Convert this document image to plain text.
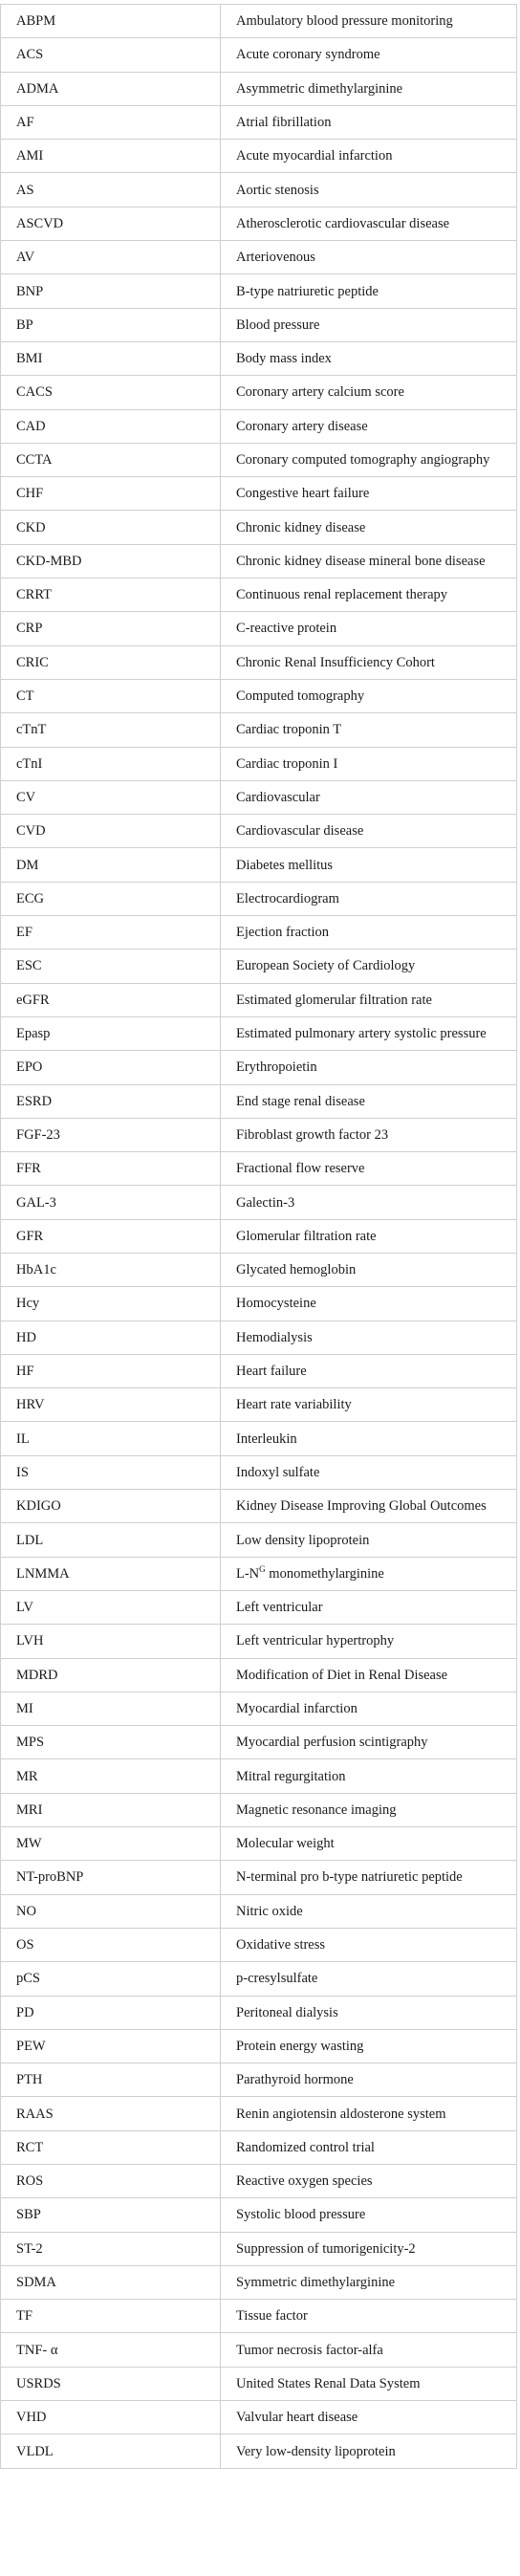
ABPM	Ambulatory blood pressure monitoring
ACS	Acute coronary syndrome
ADMA	Asymmetric dimethylarginine
AF	Atrial fibrillation
AMI	Acute myocardial infarction
AS	Aortic stenosis
ASCVD	Atherosclerotic cardiovascular disease
AV	Arteriovenous
BNP	B-type natriuretic peptide
BP	Blood pressure
BMI	Body mass index
CACS	Coronary artery calcium score
CAD	Coronary artery disease
CCTA	Coronary computed tomography angiography
CHF	Congestive heart failure
CKD	Chronic kidney disease
CKD-MBD	Chronic kidney disease mineral bone disease
CRRT	Continuous renal replacement therapy
CRP	C-reactive protein
CRIC	Chronic Renal Insufficiency Cohort
CT	Computed tomography
cTnT	Cardiac troponin T
cTnI	Cardiac troponin I
CV	Cardiovascular
CVD	Cardiovascular disease
DM	Diabetes mellitus
ECG	Electrocardiogram
EF	Ejection fraction
ESC	European Society of Cardiology
eGFR	Estimated glomerular filtration rate
Epasp	Estimated pulmonary artery systolic pressure
EPO	Erythropoietin
ESRD	End stage renal disease
FGF-23	Fibroblast growth factor 23
FFR	Fractional flow reserve
GAL-3	Galectin-3
GFR	Glomerular filtration rate
HbA1c	Glycated hemoglobin
Hcy	Homocysteine
HD	Hemodialysis
HF	Heart failure
HRV	Heart rate variability
IL	Interleukin
IS	Indoxyl sulfate
KDIGO	Kidney Disease Improving Global Outcomes
LDL	Low density lipoprotein
LNMMA	$L-N^G$ monomethylarginine
LV	Left ventricular
LVH	Left ventricular hypertrophy
MDRD	Modification of Diet in Renal Disease
MI	Myocardial infarction
MPS	Myocardial perfusion scintigraphy
MR	Mitral regurgitation
MRI	Magnetic resonance imaging
MW	Molecular weight
NT-proBNP	N-terminal pro b-type natriuretic peptide
NO	Nitric oxide
OS	Oxidative stress
pCS	p-cresylsulfate
PD	Peritoneal dialysis
PEW	Protein energy wasting
PTH	Parathyroid hormone
RAAS	Renin angiotensin aldosterone system
RCT	Randomized control trial
ROS	Reactive oxygen species
SBP	Systolic blood pressure
ST-2	Suppression of tumorigenicity-2
SDMA	Symmetric dimethylarginine
TF	Tissue factor
TNF- α	Tumor necrosis factor-alfa
USRDS	United States Renal Data System
VHD	Valvular heart disease
VLDL	Very low-density lipoprotein
